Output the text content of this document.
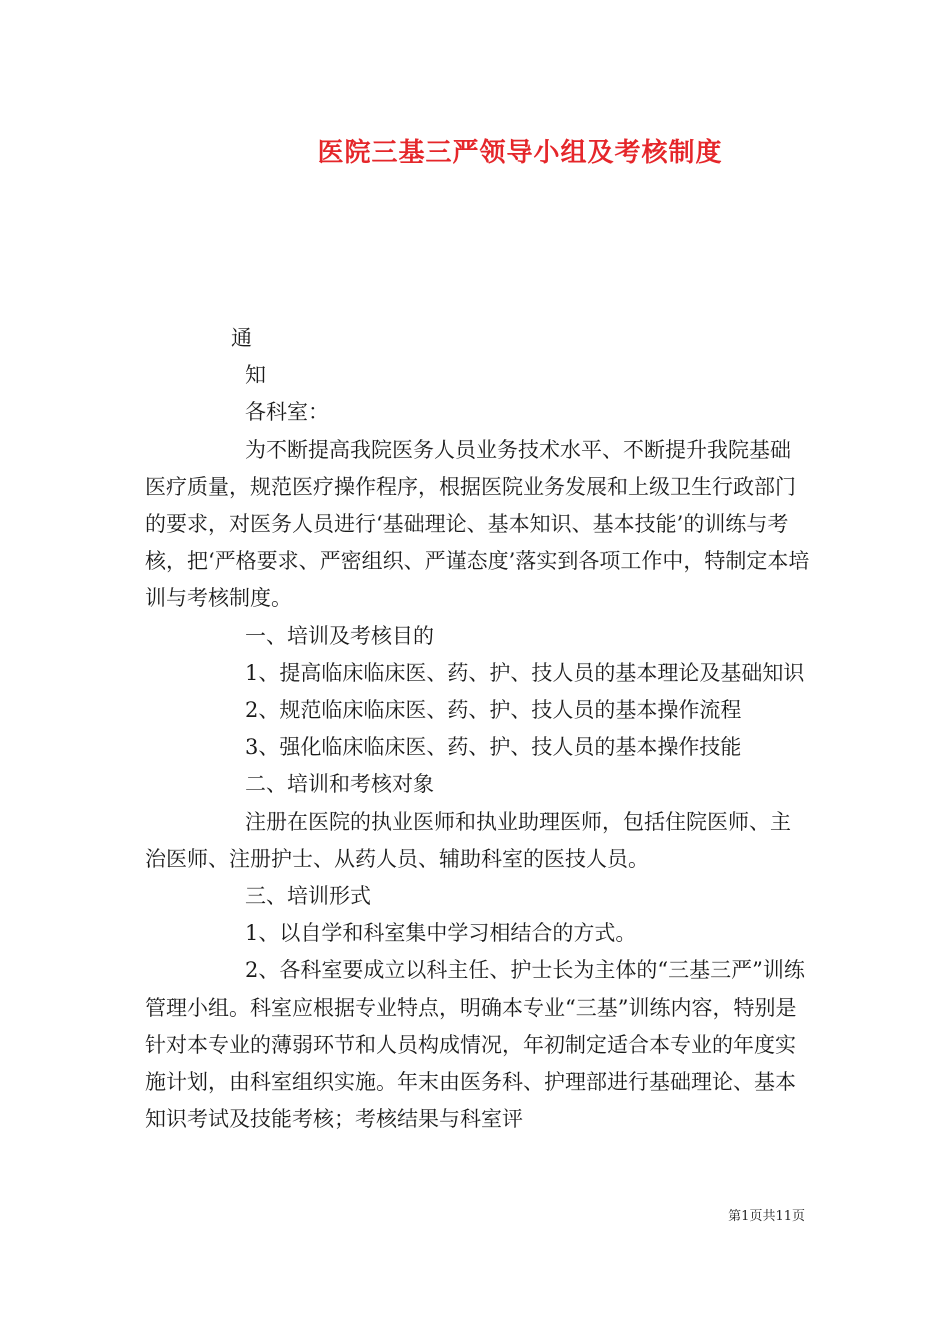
医院三基三严领导小组及考核制度

通

知

各科室：

为不断提高我院医务人员业务技术水平、不断提升我院基础医疗质量，规范医疗操作程序，根据医院业务发展和上级卫生行政部门的要求，对医务人员进行‘基础理论、基本知识、基本技能’的训练与考核，把‘严格要求、严密组织、严谨态度’落实到各项工作中，特制定本培训与考核制度。

一、培训及考核目的

1、提高临床临床医、药、护、技人员的基本理论及基础知识

2、规范临床临床医、药、护、技人员的基本操作流程

3、强化临床临床医、药、护、技人员的基本操作技能

二、培训和考核对象

注册在医院的执业医师和执业助理医师，包括住院医师、主治医师、注册护士、从药人员、辅助科室的医技人员。

三、培训形式

1、以自学和科室集中学习相结合的方式。

2、各科室要成立以科主任、护士长为主体的“三基三严”训练管理小组。科室应根据专业特点，明确本专业“三基”训练内容，特别是针对本专业的薄弱环节和人员构成情况，年初制定适合本专业的年度实施计划，由科室组织实施。年末由医务科、护理部进行基础理论、基本知识考试及技能考核；考核结果与科室评

第1页共11页
